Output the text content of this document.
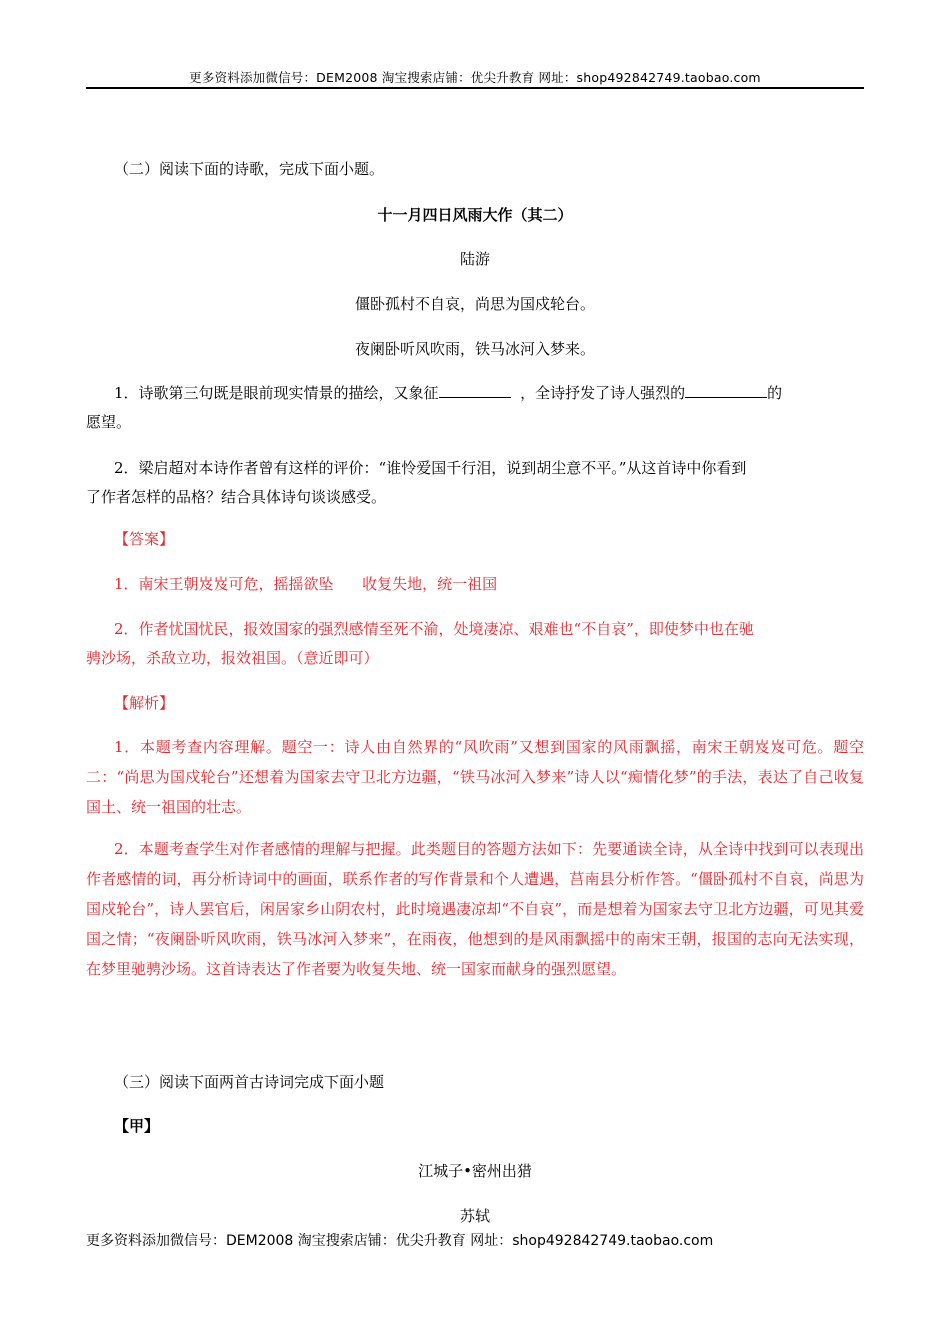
更多资料添加微信号：DEM2008 淘宝搜索店铺：优尖升教育 网址：shop492842749.taobao.com
（二）阅读下面的诗歌，完成下面小题。
十一月四日风雨大作（其二）
陆游
僵卧孤村不自哀，尚思为国戍轮台。
夜阑卧听风吹雨，铁马冰河入梦来。
1．诗歌第三句既是眼前现实情景的描绘，又象征	，全诗抒发了诗人强烈的	的
愿望。
2．梁启超对本诗作者曾有这样的评价：“谁怜爱国千行泪，说到胡尘意不平。”从这首诗中你看到
了作者怎样的品格？结合具体诗句谈谈感受。
【答案】
1．南宋王朝岌岌可危，摇摇欲坠      收复失地，统一祖国
2．作者忧国忧民，报效国家的强烈感情至死不渝，处境凄凉、艰难也“不自哀”，即使梦中也在驰
骋沙场，杀敌立功，报效祖国。（意近即可）
【解析】
1．本题考查内容理解。题空一：诗人由自然界的“风吹雨”又想到国家的风雨飘摇，南宋王朝岌岌可危。题空二：“尚思为国戍轮台”还想着为国家去守卫北方边疆，“铁马冰河入梦来”诗人以“痴情化梦”的手法，表达了自己收复国土、统一祖国的壮志。
2．本题考查学生对作者感情的理解与把握。此类题目的答题方法如下：先要通读全诗，从全诗中找到可以表现出作者感情的词，再分析诗词中的画面，联系作者的写作背景和个人遭遇，莒南县分析作答。“僵卧孤村不自哀，尚思为国戍轮台”，诗人罢官后，闲居家乡山阴农村，此时境遇凄凉却“不自哀”，而是想着为国家去守卫北方边疆，可见其爱国之情；“夜阑卧听风吹雨，铁马冰河入梦来”，在雨夜，他想到的是风雨飘摇中的南宋王朝，报国的志向无法实现，在梦里驰骋沙场。这首诗表达了作者要为收复失地、统一国家而献身的强烈愿望。
（三）阅读下面两首古诗词完成下面小题
【甲】
江城子•密州出猎
苏轼
更多资料添加微信号：DEM2008 淘宝搜索店铺：优尖升教育 网址：shop492842749.taobao.com
